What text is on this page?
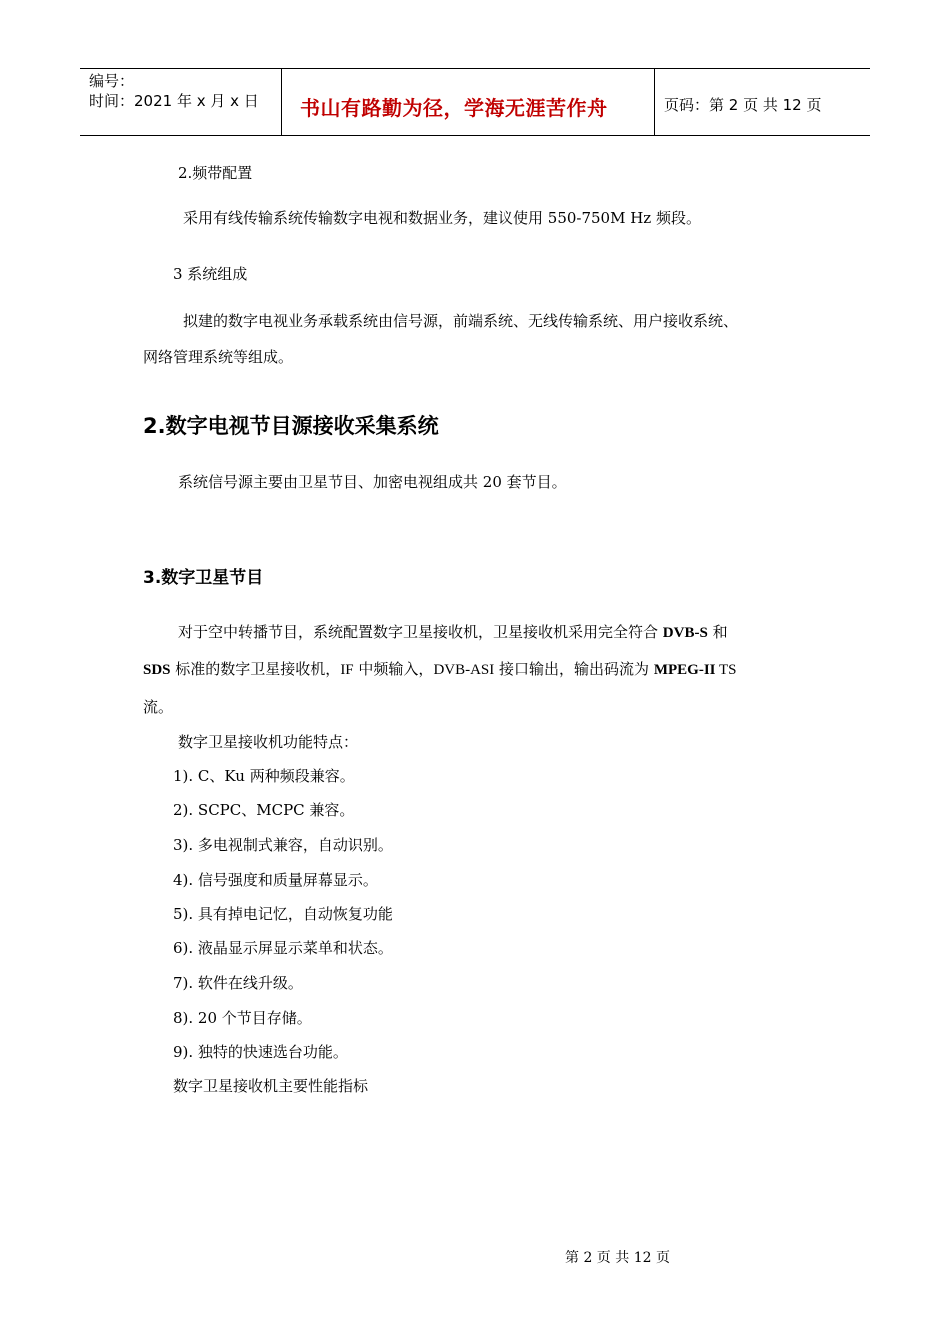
编号：
时间：2021 年 x 月 x 日 书山有路勤为径，学海无涯苦作舟	页码：第 2 页 共 12 页
2.频带配置
采用有线传输系统传输数字电视和数据业务，建议使用 550-750M Hz 频段。
3 系统组成
拟建的数字电视业务承载系统由信号源，前端系统、无线传输系统、用户接收系统、
网络管理系统等组成。
2.数字电视节目源接收采集系统
系统信号源主要由卫星节目、加密电视组成共 20 套节目。
3.数字卫星节目
对于空中转播节目，系统配置数字卫星接收机，卫星接收机采用完全符合 DVB-S 和
SDS 标准的数字卫星接收机，IF 中频输入，DVB-ASI 接口输出，输出码流为 MPEG-II TS
流。
数字卫星接收机功能特点：
1). C、Ku 两种频段兼容。
2). SCPC、MCPC 兼容。
3). 多电视制式兼容，自动识别。
4). 信号强度和质量屏幕显示。
5). 具有掉电记忆，自动恢复功能
6). 液晶显示屏显示菜单和状态。
7). 软件在线升级。
8). 20 个节目存储。
9). 独特的快速选台功能。
数字卫星接收机主要性能指标
第 2 页 共 12 页
